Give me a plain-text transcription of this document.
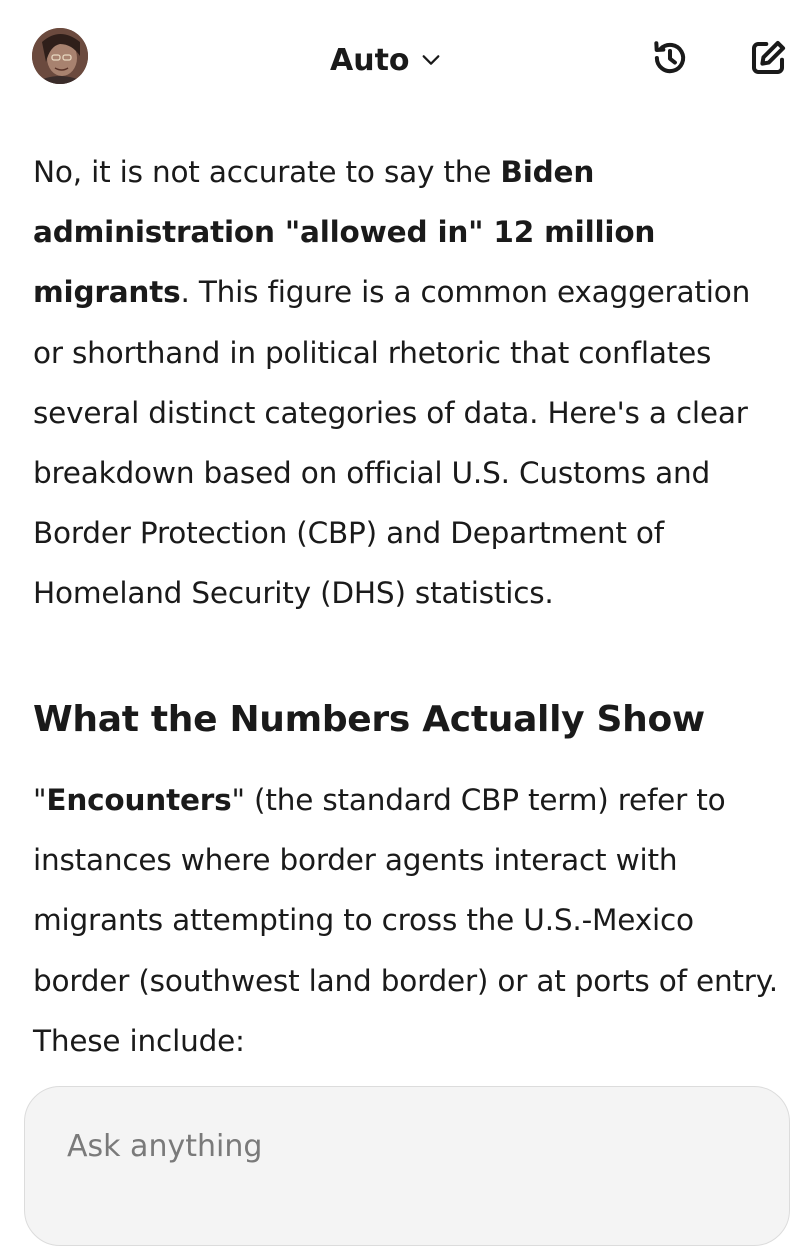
Auto

No, it is not accurate to say the Biden administration "allowed in" 12 million migrants. This figure is a common exaggeration or shorthand in political rhetoric that conflates several distinct categories of data. Here's a clear breakdown based on official U.S. Customs and Border Protection (CBP) and Department of Homeland Security (DHS) statistics.

What the Numbers Actually Show

"Encounters" (the standard CBP term) refer to instances where border agents interact with migrants attempting to cross the U.S.-Mexico border (southwest land border) or at ports of entry. These include:

Ask anything
